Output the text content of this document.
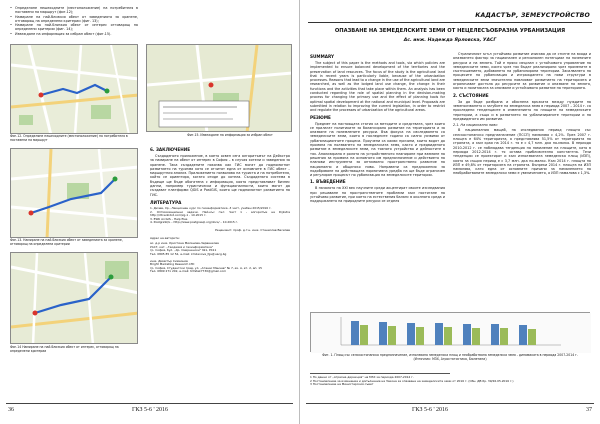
• Определяне пешеходните (местоположение) на потребителя в поставени на маршрут (фиг.12);
• Намиране на най-близкия обект от заведенията за хранене, отговарящ на определени критерии (фиг. 13);
• Намиране на най-близкия обект от интерес отговарящ на определени критерии (фиг. 14);
• Извеждане на информация за избран обект (фиг.15).
Фиг.12. Определяне пешеходните (местоположение) на потребителя в поставени на маршрут
Фиг.13. Намиране на най-близкия обект от заведенията за хранене, отговарящ на определени критерии
Фиг.14 Намиране на най-близкия обект от интерес, отговарящ на определени критерии
Фиг.15. Извеждане на информация за избран обект
6. ЗАКЛЮЧЕНИЕ

Създаденото приложение, в което освен сега алгоритъмът на Дейкстра за намиране на обект от интерес в София – в случая хотели и заведения за хранене. Така създадените показва как ГИС могат да подпомогнат развитието на туризма като се отчитат една от основните в ГИС обект – маршрутния анализ. Приложението позволява на туриста и на потребителя, който се ориентира, когато отиде до хотела. Създадената система в бъдеще ще бъде обогатена с информация, която представляват бизнес данни, например туристически и функционалности, които могат да създават платформи QGIS и PostGIS, които ще подпомогнат развитието на ГИС.

ЛИТЕРАТУРА
1. Дичев, Хр., Лекционен курс по геоинформатика -3 част, учебен 2015/2016 г.
2. Оптимизационни задачи. Най-къс път. Част 1 - алгоритъм на Dijkstra http://dti.wikidot.com/zg-1 - 10.2015 г.
3. ESRI ArcGIS – Help files
4. PostgreSQL – http://www.postgresql.org/docs/ – 10.2015 г.
Рецензент: проф. д.т.н. инж. Станислав Василев
Адрес на авторите:
ас. д-р инж. Кристина Миланова-Червенкова
УАСГ, кат. „Геодезия и геоинформатика“
гр. София, бул. „Хр. Смирненски“ №1, Р411
Тел. 0895 85 12 52, e-mail: kmilanova_fgs@uacg.bg
инж. Димитър Симеонов
Bright Marketing Research LTD
гр. София, Студентски град, ул. „Атанас Манчев“ № 7, ех. А, ет. 2, ап. 15
Тел. 0899 271 202, e-mail: trifatak7730@gmail.com
36	ГКЗ 5-6 ' 2016
КАДАСТЪР, ЗЕМЕУСТРОЙСТВО
ОПАЗВАНЕ НА ЗЕМЕДЕЛСКИТЕ ЗЕМИ ОТ НЕЦЕЛЕСЪОБРАЗНА УРБАНИЗАЦИЯ
Ас. инж. Надежда Ярловска, УАСГ
SUMMARY

The subject of this paper is the methods and tools, via which policies are implemented to ensure balanced development of the territories and the preservation of land resources. The focus of the study is the agricultural land that in recent years is particularly liable, because of the urbanization processes. Reasons that lead to a change in the use of the agricultural land are researched, as well as the lodged land use change, the change in their functions and the activities that take place within them. An analysis has been conducted regarding the role of spatial planning in the decision-making process for changing the primary use and the effect of planning tools for optimal spatial development at the national and municipal level. Proposals are submitted in relation to improving the current legislation, in order to restrict and regulate the processes of urbanization of the agricultural areas.

РЕЗЮМЕ

Предмет на настоящата статия са методите и средствата, чрез които се прилагат политиките за балансирано развитие на територията и за опазване на поземлените ресурси. Във фокуса на изследването са земеделските земи, които в последните години са силно уязвими от урбанизационните процеси. Проучени са какви причини, които водят до промяна на ползването на земеделската земя, както и предвиденото развитие в земеделските земи, на тяхното устройство и дейностите в тях. Анализирана е ролята на устройственото планиране при вземане на решения за промяна на основното им предназначение и действието на планови инструменти за оптимално пространствено развитие на национално и общинско ниво. Направени са предложения за подобряване на действащата нормативна уредба на ще бъде ограничен и регулиран процесът по урбанизация на земеделските територии.

1. ВЪВЕДЕНИЕ

В началото на XXI век научните среди акцентират своите изследвания при решаване на пространствените проблеми към постигане на устойчиво развитие, при което на естествения баланс в околната среда и поддържането на природните ресурси се отделя

Страничният ъгъл устойчиво развитие изисква да се стигне на входа и опазването фактор за национален и регионален потенциал на поземните ресурси и на земята. Той е пряко свързан с устойчивото управление на земеделските земи, които чрез тях бъдат реализирани чрез промените в съотношението, добавянето на урбанизирани територии. Засилването на процесите на урбанизация и изграждането на нови структури в земеделските земи значително повлияват развитието на територията и ограничават достъпа до ресурсите за развитие и опазване на земята, както и политиката за опазване и устойчивото развитие на територията.

2. СЪСТОЯНИЕ

За да бъде разбрана и обяснена връзката между нуждите на земеползването и загубите на земеделска земя в периода 2007 – 2014 г. са проследени тенденциите в изменението на площите на земеделските територии, а също и в развитието на урбанизираните територии и на предвиденото им развитие.

2.1. На национално ниво

В националния мащаб, на изследвания период площта със селскостопанско предназначение (ПССП) намалява с 4,2%. През 2007 г. площта е 64% територията, а представлява 51,5% от територията на страната, а към края на 2014 г. тя е с 4,7 млн. дка по-малко. В периода 2010-2012 г. се наблюдава тенденция на намаление на площите, като в периода 2012-2014 г. тя остава приблизително константна. Тези тенденции се проектират и към използваната земеделска площ (ИЗП), която за същия период е с 3,7 млн. дка по-малко. Към 2014 г. площта на ИЗП е 49,8% от територията на страната. Въпреки 2014 г. площта на ИЗП намалява, като една от основните причини за намалението на необработваните земеделски земи е увеличението, а ИЗП намалява с 1,3%.

Фиг. 1. Площ със селскостопанско предназначение, използвана земеделска площ и необработвана земеделска земя - динамиката в периода 2007-2014 г. (Източник: МЗХ, Агростатистика, Бюлетини)
1 По данни от „Агрална дирекция“ на МЗХ за периода 2007-2014 г.
2 Постановление за изменение и допълнение на Закона за опазване на земеделските земи от 2016 г. (Обн. ДВ бр. 39/26.05.2016 г.)
3 Постановление на Министерския съвет
ГКЗ 5-6 ' 2016	37
